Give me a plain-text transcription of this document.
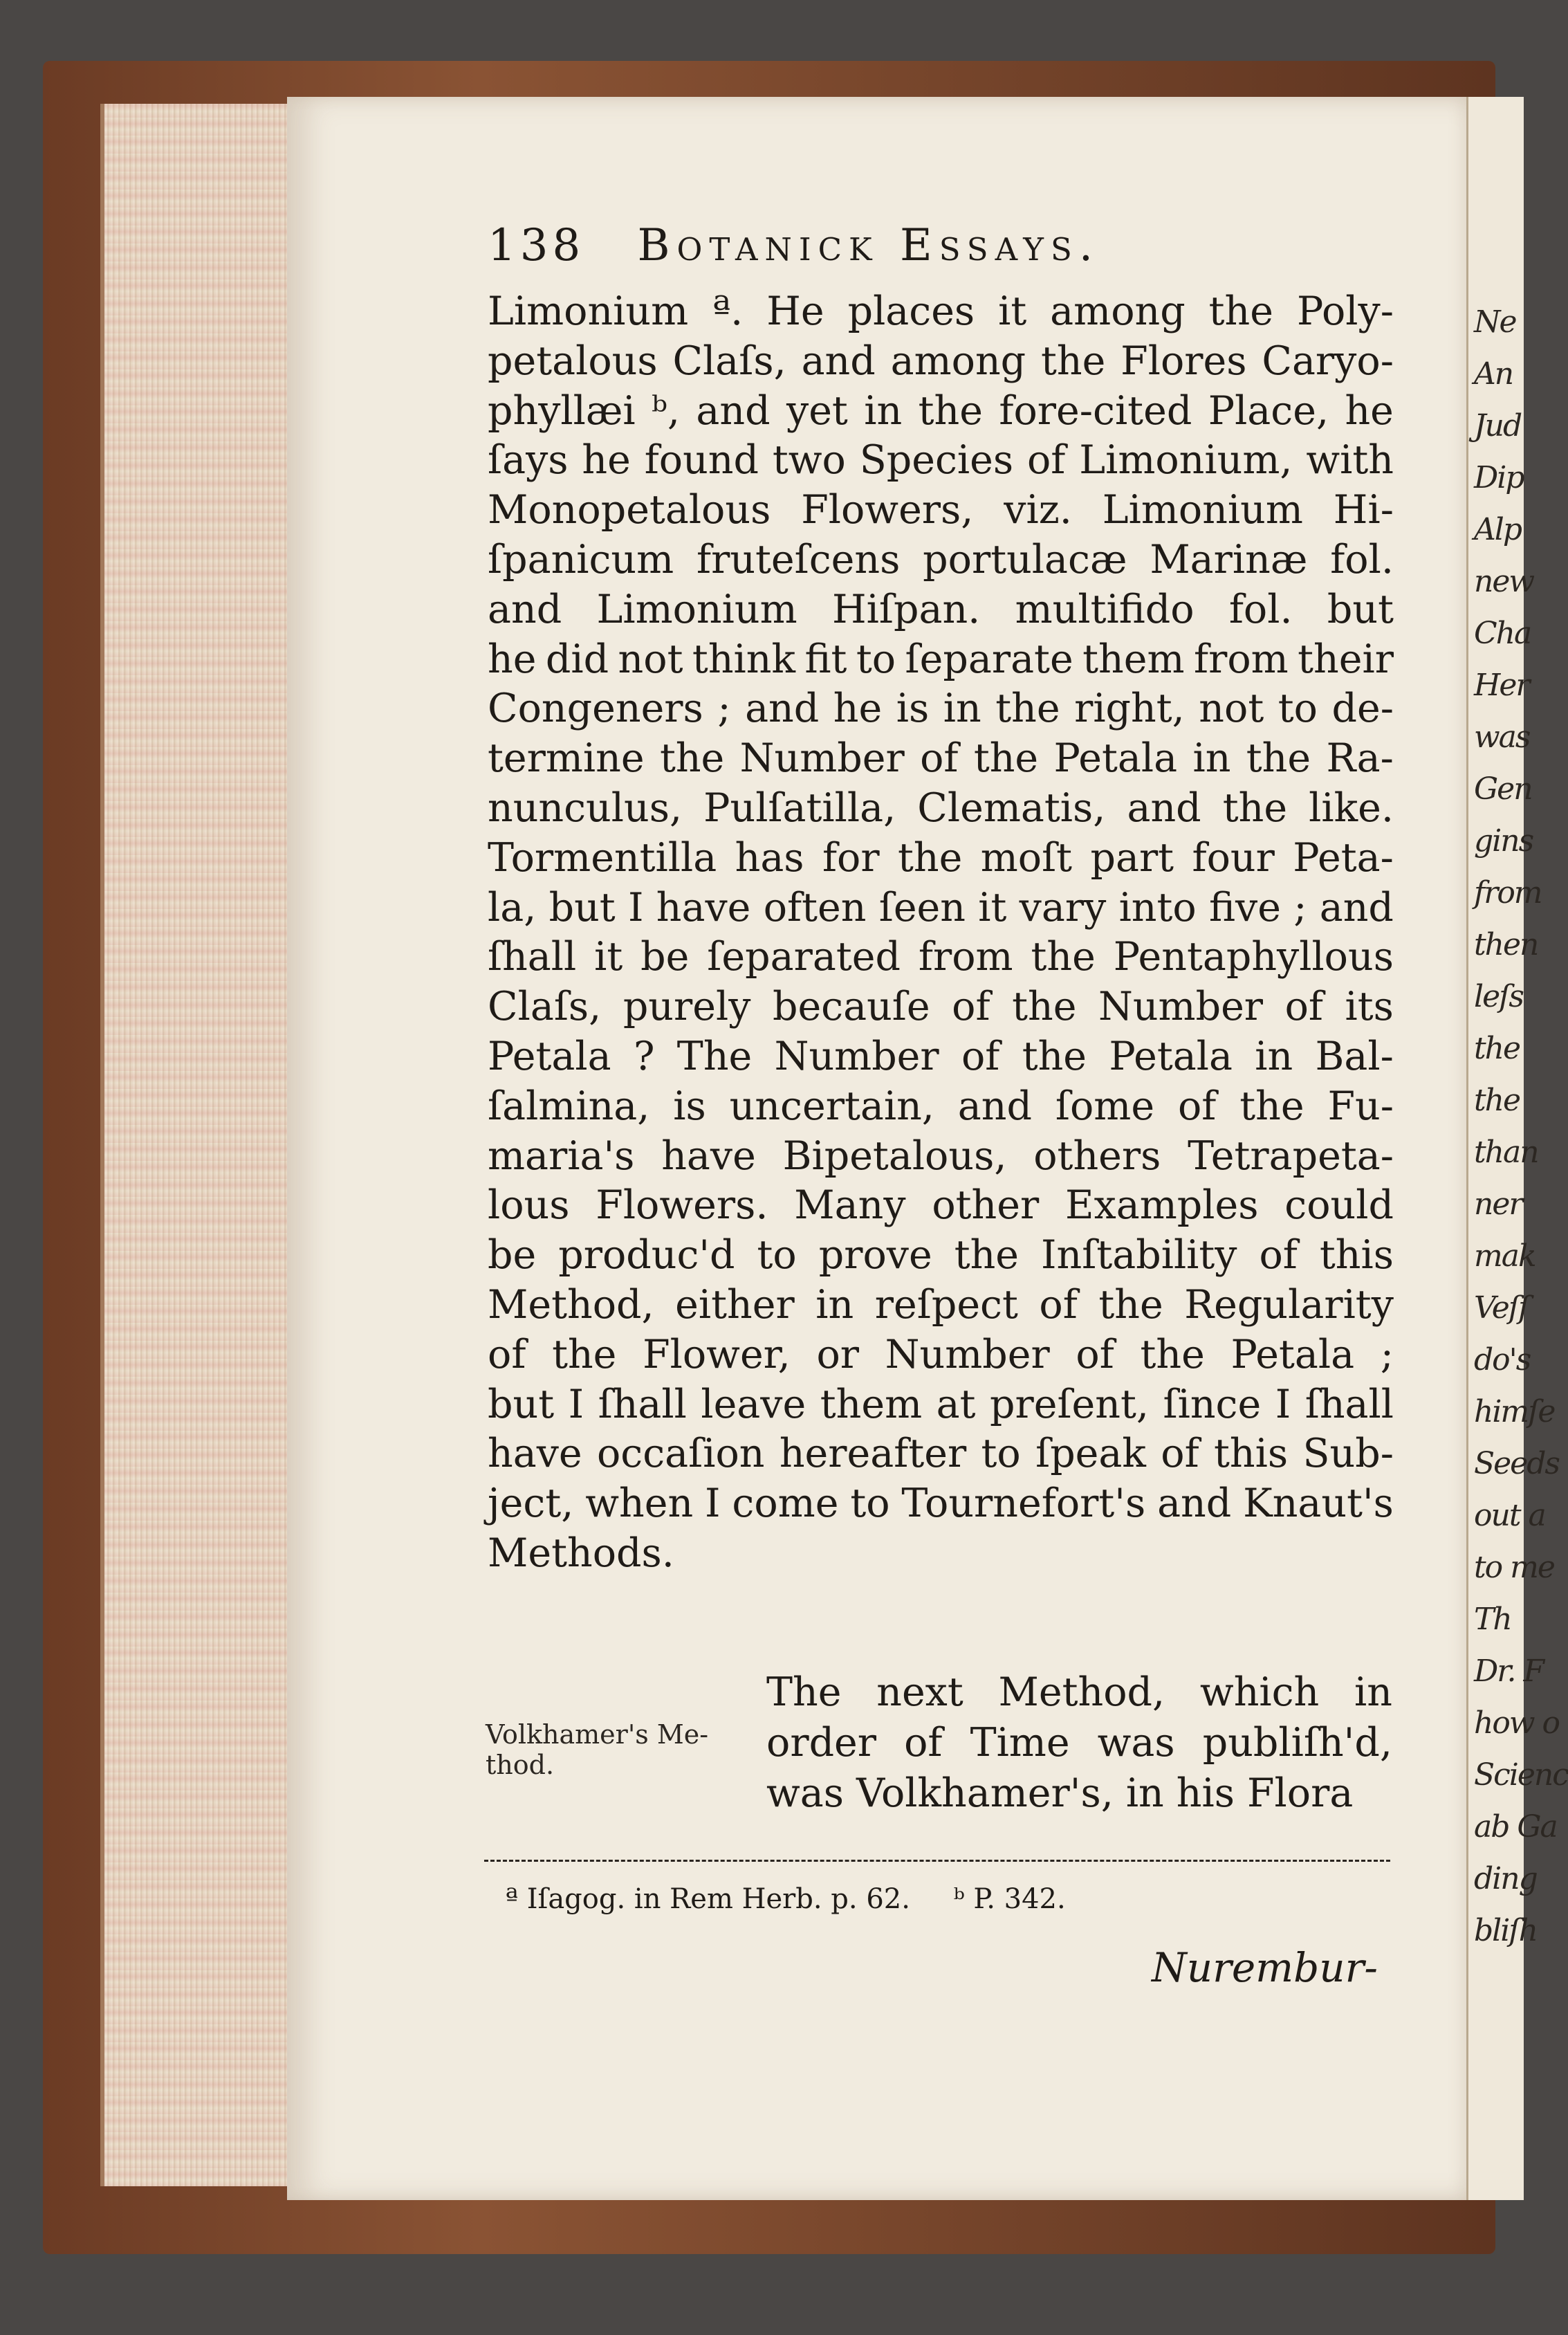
Ne
An
Jud
Dip
Alp
new
Cha
Her
was
Gen
gins
from
then
leſs
the
the
than
ner
mak
Veſſ
do's
himſe
Seeds
out a
to me
Th
Dr. F
how o
Scienc
ab Ga
ding
bliſh
138 Botanick Essays.
Limonium ª. He places it among the Poly-
petalous Claſs, and among the Flores Caryo-
phyllæi ᵇ, and yet in the fore-cited Place, he
ſays he found two Species of Limonium, with
Monopetalous Flowers, viz. Limonium Hi-
ſpanicum fruteſcens portulacæ Marinæ fol.
and Limonium Hiſpan. multifido fol. but
he did not think fit to ſeparate them from their
Congeners ; and he is in the right, not to de-
termine the Number of the Petala in the Ra-
nunculus, Pulſatilla, Clematis, and the like.
Tormentilla has for the moſt part four Peta-
la, but I have often ſeen it vary into five ; and
ſhall it be ſeparated from the Pentaphyllous
Claſs, purely becauſe of the Number of its
Petala ? The Number of the Petala in Bal-
ſalmina, is uncertain, and ſome of the Fu-
maria's have Bipetalous, others Tetrapeta-
lous Flowers. Many other Examples could
be produc'd to prove the Inſtability of this
Method, either in reſpect of the Regularity
of the Flower, or Number of the Petala ;
but I ſhall leave them at preſent, ſince I ſhall
have occaſion hereafter to ſpeak of this Sub-
ject, when I come to Tournefort's and Knaut's
Methods.
Volkhamer's Me-thod.
The next Method, which in
order of Time was publiſh'd,
was Volkhamer's, in his Flora
ª Iſagog. in Rem Herb. p. 62. ᵇ P. 342.
Nurembur-
